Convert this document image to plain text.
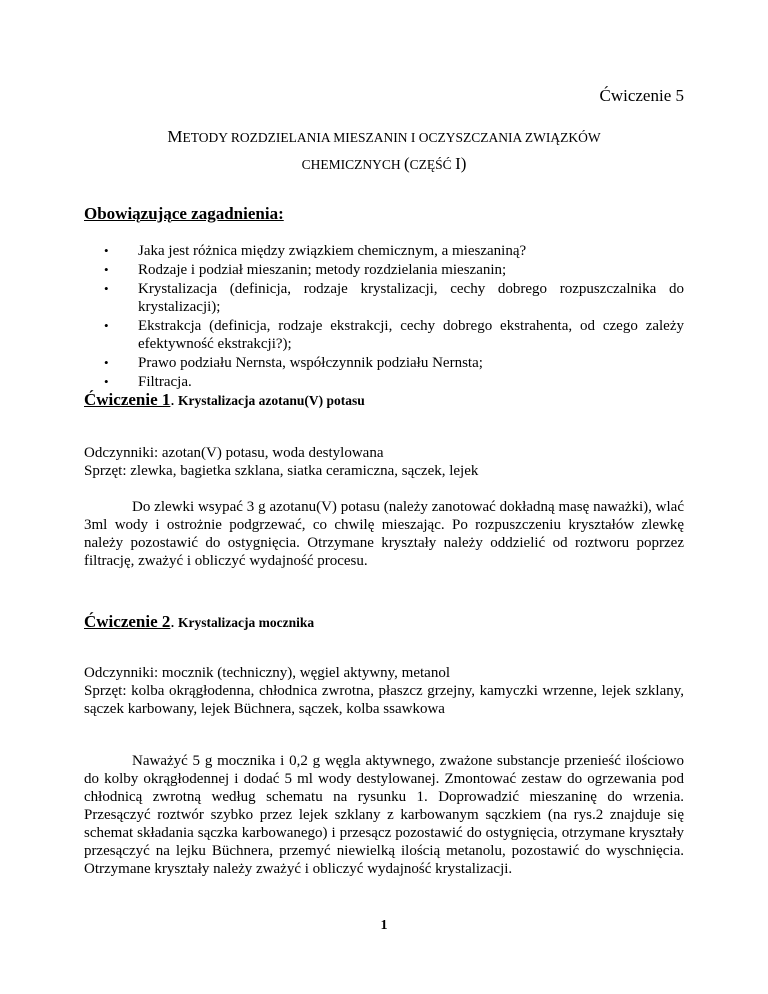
Ćwiczenie 5
METODY ROZDZIELANIA MIESZANIN I OCZYSZCZANIA ZWIĄZKÓW
CHEMICZNYCH (CZĘŚĆ I)
Obowiązujące zagadnienia:
• Jaka jest różnica między związkiem chemicznym, a mieszaniną?
• Rodzaje i podział mieszanin; metody rozdzielania mieszanin;
• Krystalizacja (definicja, rodzaje krystalizacji, cechy dobrego rozpuszczalnika do krystalizacji);
• Ekstrakcja (definicja, rodzaje ekstrakcji, cechy dobrego ekstrahenta, od czego zależy efektywność ekstrakcji?);
• Prawo podziału Nernsta, współczynnik podziału Nernsta;
• Filtracja.
Ćwiczenie 1. Krystalizacja azotanu(V) potasu

Odczynniki: azotan(V) potasu, woda destylowana

Sprzęt: zlewka, bagietka szklana, siatka ceramiczna, sączek, lejek

Do zlewki wsypać 3 g azotanu(V) potasu (należy zanotować dokładną masę naważki), wlać 3ml wody i ostrożnie podgrzewać, co chwilę mieszając. Po rozpuszczeniu kryształów zlewkę należy pozostawić do ostygnięcia. Otrzymane kryształy należy oddzielić od roztworu poprzez filtrację, zważyć i obliczyć wydajność procesu.

Ćwiczenie 2. Krystalizacja mocznika

Odczynniki: mocznik (techniczny), węgiel aktywny, metanol

Sprzęt: kolba okrągłodenna, chłodnica zwrotna, płaszcz grzejny, kamyczki wrzenne, lejek szklany, sączek karbowany, lejek Büchnera, sączek, kolba ssawkowa

Naważyć 5 g mocznika i 0,2 g węgla aktywnego, zważone substancje przenieść ilościowo do kolby okrągłodennej i dodać 5 ml wody destylowanej. Zmontować zestaw do ogrzewania pod chłodnicą zwrotną według schematu na rysunku 1. Doprowadzić mieszaninę do wrzenia. Przesączyć roztwór szybko przez lejek szklany z karbowanym sączkiem (na rys.2 znajduje się schemat składania sączka karbowanego) i przesącz pozostawić do ostygnięcia, otrzymane kryształy przesączyć na lejku Büchnera, przemyć niewielką ilością metanolu, pozostawić do wyschnięcia. Otrzymane kryształy należy zważyć i obliczyć wydajność krystalizacji.

1
